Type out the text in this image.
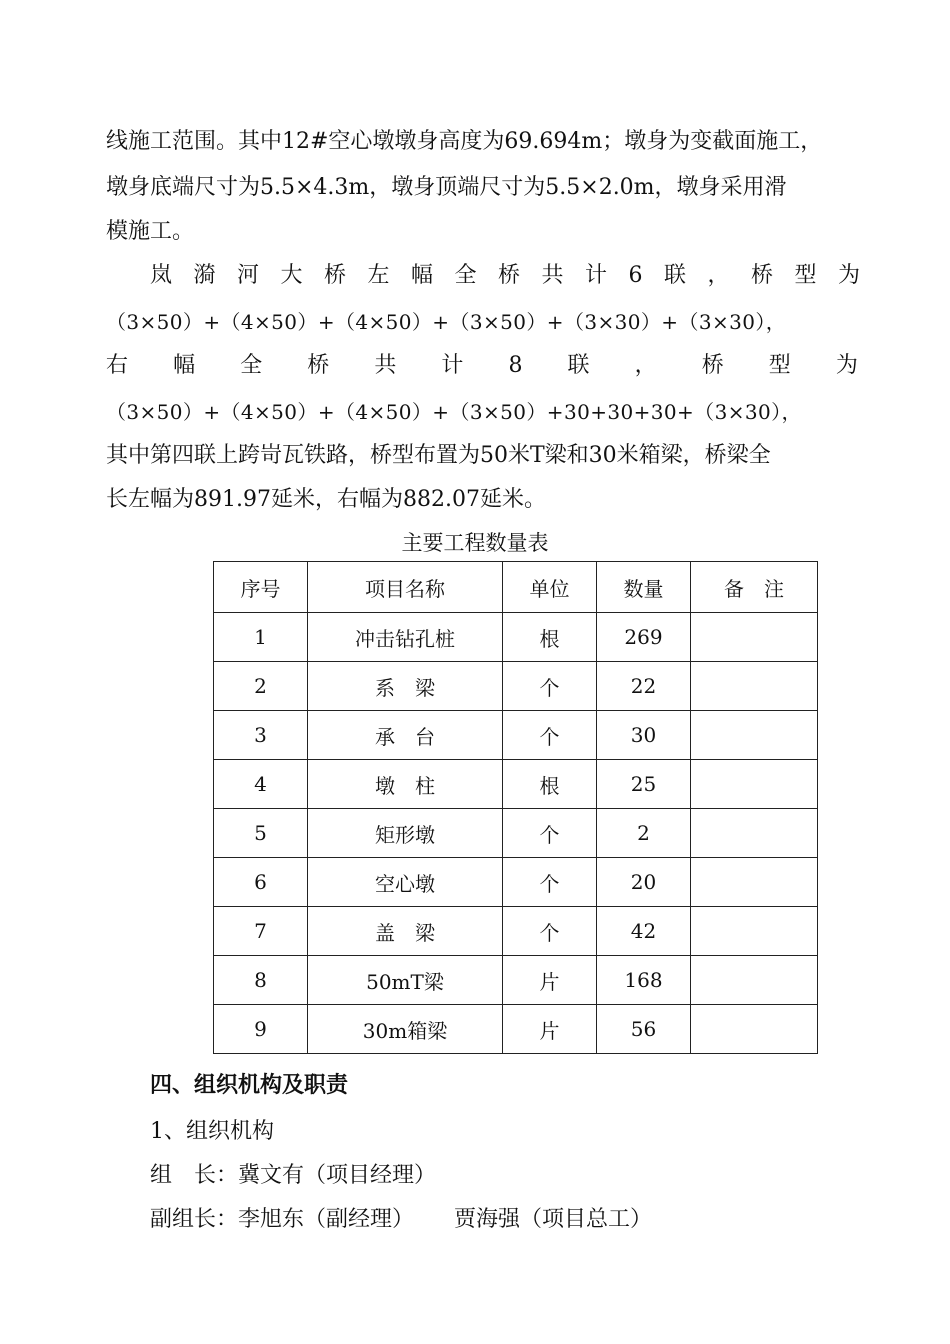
线施工范围。其中12#空心墩墩身高度为69.694m；墩身为变截面施工，
墩身底端尺寸为5.5×4.3m，墩身顶端尺寸为5.5×2.0m，墩身采用滑
模施工。
岚 漪 河 大 桥 左 幅 全 桥 共 计 6 联 ， 桥 型 为
（3×50）+（4×50）+（4×50）+（3×50）+（3×30）+（3×30），
右 幅 全 桥 共 计 8 联 ， 桥 型 为
（3×50）+（4×50）+（4×50）+（3×50）+30+30+30+（3×30），
其中第四联上跨岢瓦铁路，桥型布置为50米T梁和30米箱梁，桥梁全
长左幅为891.97延米，右幅为882.07延米。
主要工程数量表
序号	项目名称	单位	数量	备　注
1	冲击钻孔桩	根	269	
2	系　梁	个	22	
3	承　台	个	30	
4	墩　柱	根	25	
5	矩形墩	个	2	
6	空心墩	个	20	
7	盖　梁	个	42	
8	50mT梁	片	168	
9	30m箱梁	片	56	
四、组织机构及职责
1、组织机构
组　长：冀文有（项目经理）
副组长：李旭东（副经理）　　 贾海强（项目总工）
